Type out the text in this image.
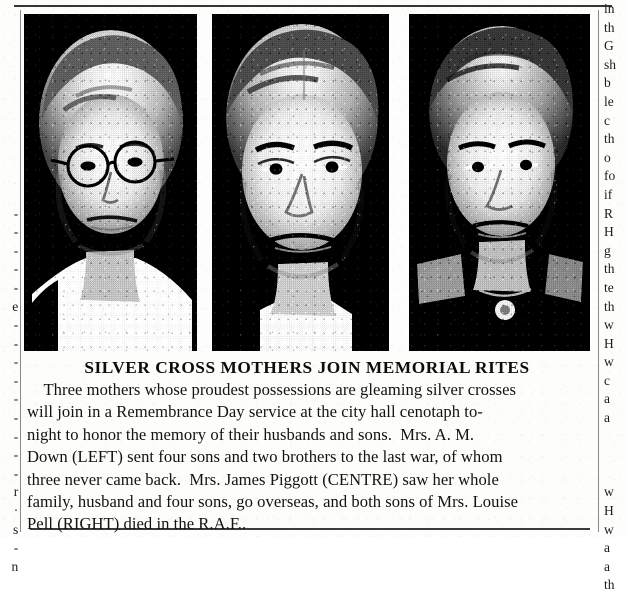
SILVER CROSS MOTHERS JOIN MEMORIAL RITES
Three mothers whose proudest possessions are gleaming silver crosses
will join in a Remembrance Day service at the city hall cenotaph to-
night to honor the memory of their husbands and sons.  Mrs. A. M.
Down (LEFT) sent four sons and two brothers to the last war, of whom
three never came back.  Mrs. James Piggott (CENTRE) saw her whole
family, husband and four sons, go overseas, and both sons of Mrs. Louise
Pell (RIGHT) died in the R.A.F..

-
-
-
-
-
e
-
-
-
-
-
-
-
-
-
r
·
s
-
n
in
th
G
sh
b
le
c
th
o
fo
if
R
H
g
th
te
th
w
H
w
c
a
a

w
H
w
a
a
th
